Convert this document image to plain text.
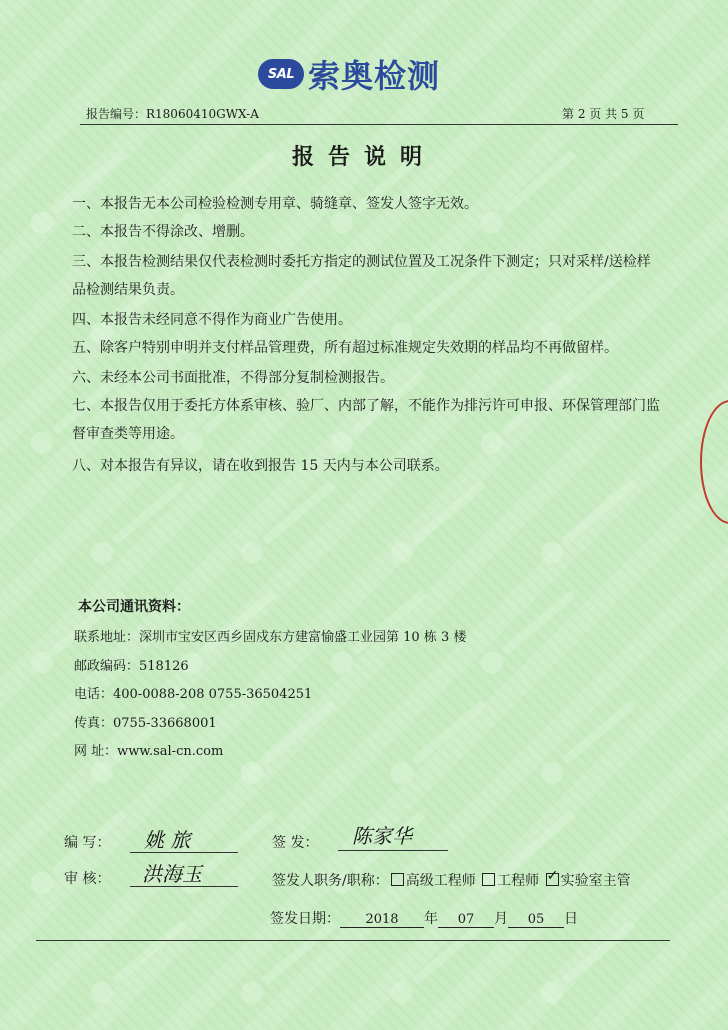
SAL 索奥检测
报告编号：R18060410GWX-A	第 2 页 共 5 页
报告说明
一、本报告无本公司检验检测专用章、骑缝章、签发人签字无效。
二、本报告不得涂改、增删。
三、本报告检测结果仅代表检测时委托方指定的测试位置及工况条件下测定；只对采样/送检样品检测结果负责。
四、本报告未经同意不得作为商业广告使用。
五、除客户特别申明并支付样品管理费，所有超过标准规定失效期的样品均不再做留样。
六、未经本公司书面批准，不得部分复制检测报告。
七、本报告仅用于委托方体系审核、验厂、内部了解，不能作为排污许可申报、环保管理部门监督审查类等用途。
八、对本报告有异议，请在收到报告 15 天内与本公司联系。
本公司通讯资料：
联系地址：深圳市宝安区西乡固戍东方建富愉盛工业园第 10 栋 3 楼
邮政编码：518126
电话：400-0088-208 0755-36504251
传真：0755-33668001
网 址：www.sal-cn.com
编 写： 姚 旅	签 发： 陈家华
审 核： 洪海玉	签发人职务/职称： 高级工程师 工程师 ✓ 实验室主管
签发日期：	2018	年	07	月	05	日
